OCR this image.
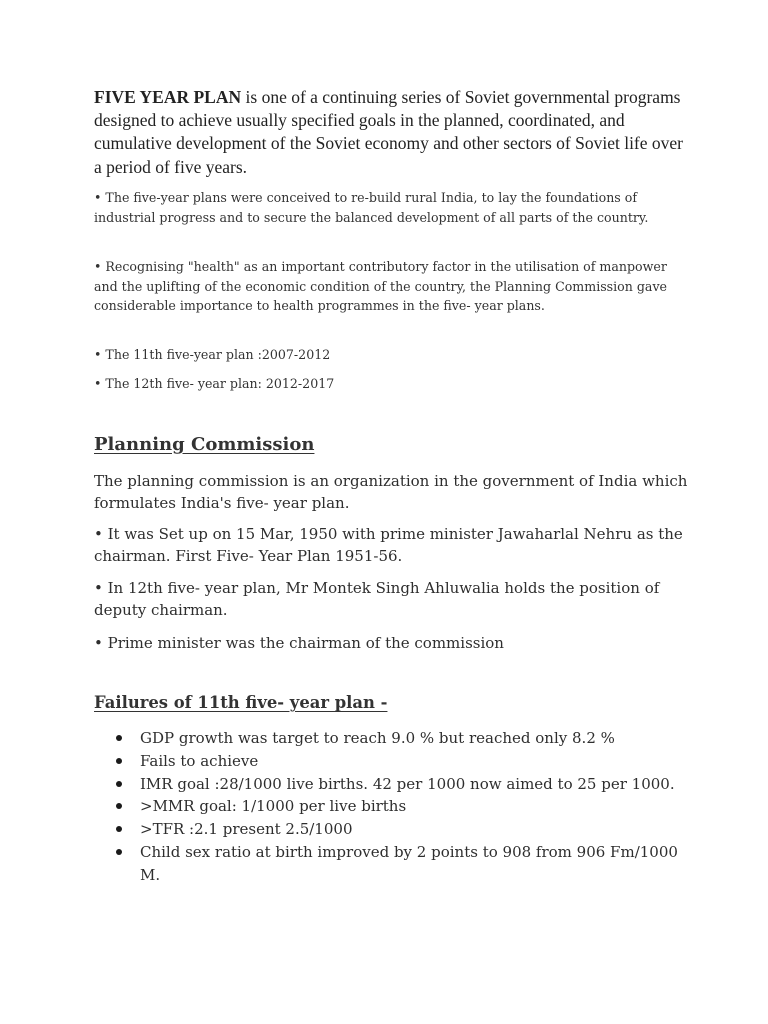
FIVE YEAR PLAN is one of a continuing series of Soviet governmental programs designed to achieve usually specified goals in the planned, coordinated, and cumulative development of the Soviet economy and other sectors of Soviet life over a period of five years.

• The five-year plans were conceived to re-build rural India, to lay the foundations of industrial progress and to secure the balanced development of all parts of the country.

• Recognising "health" as an important contributory factor in the utilisation of manpower and the uplifting of the economic condition of the country, the Planning Commission gave considerable importance to health programmes in the five- year plans.

• The 11th five-year plan :2007-2012

• The 12th five- year plan: 2012-2017

Planning Commission

The planning commission is an organization in the government of India which formulates India's five- year plan.

• It was Set up on 15 Mar, 1950 with prime minister Jawaharlal Nehru as the chairman. First Five- Year Plan 1951-56.

• In 12th five- year plan, Mr Montek Singh Ahluwalia holds the position of deputy chairman.

• Prime minister was the chairman of the commission

Failures of 11th five- year plan -
GDP growth was target to reach 9.0 % but reached only 8.2 %
Fails to achieve
IMR goal :28/1000 live births. 42 per 1000 now aimed to 25 per 1000.
>MMR goal: 1/1000 per live births
>TFR :2.1 present 2.5/1000
Child sex ratio at birth improved by 2 points to 908 from 906 Fm/1000 M.
